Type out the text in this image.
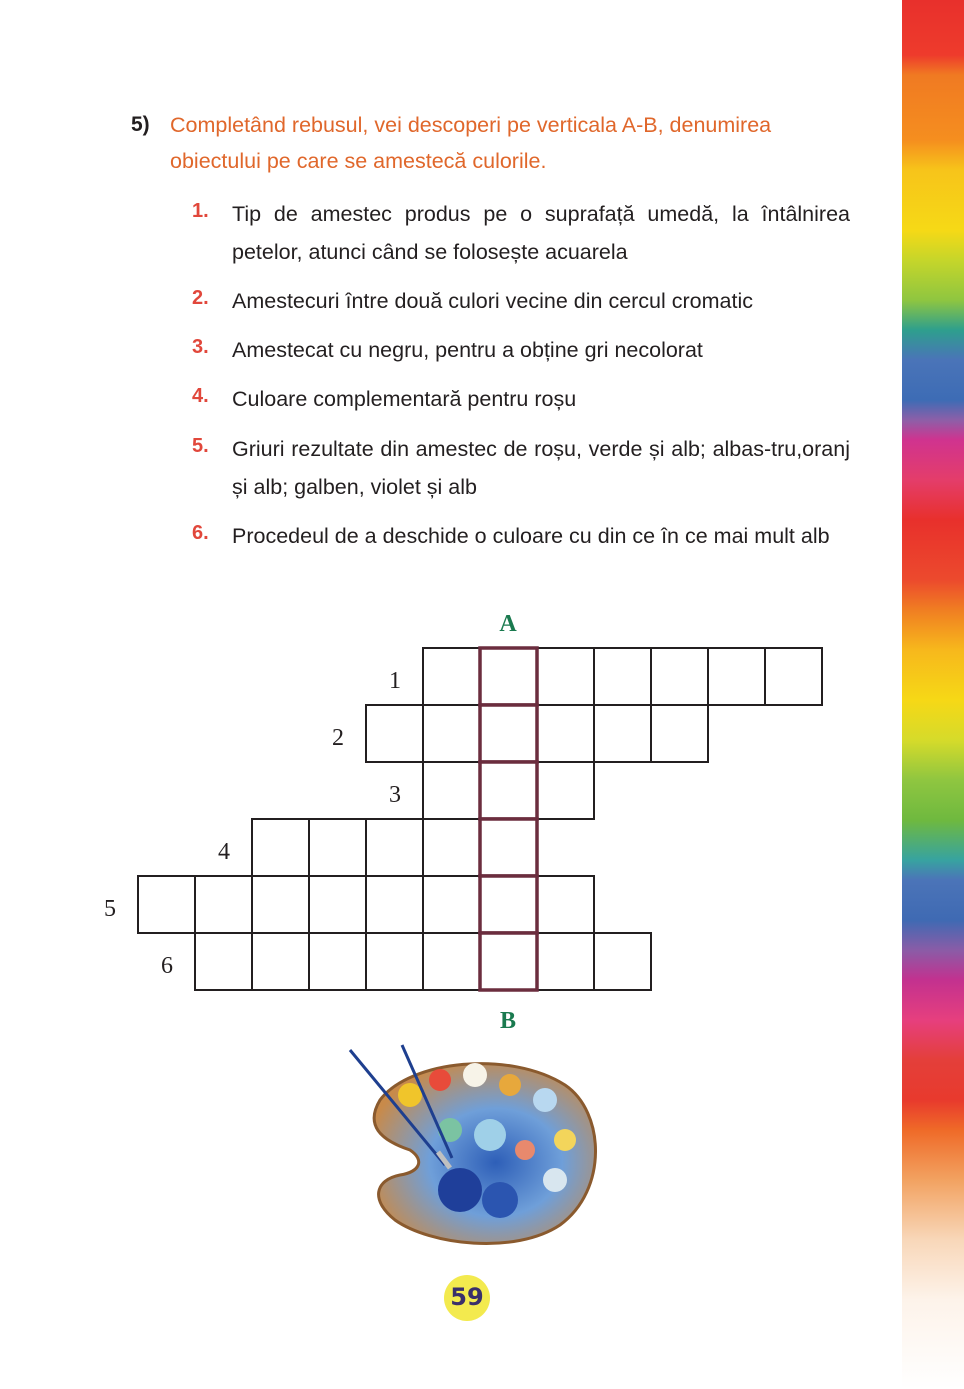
5) Completând rebusul, vei descoperi pe verticala A-B, denumirea obiectului pe care se amestecă culorile.
1. Tip de amestec produs pe o suprafață umedă, la întâlnirea petelor, atunci când se folosește acuarela
2. Amestecuri între două culori vecine din cercul cromatic
3. Amestecat cu negru, pentru a obține gri necolorat
4. Culoare complementară pentru roșu
5. Griuri rezultate din amestec de roșu, verde și alb; albas-tru,oranj și alb; galben, violet și alb
6. Procedeul de a deschide o culoare cu din ce în ce mai mult alb
A
B
1
2
3
4
5
6
59
